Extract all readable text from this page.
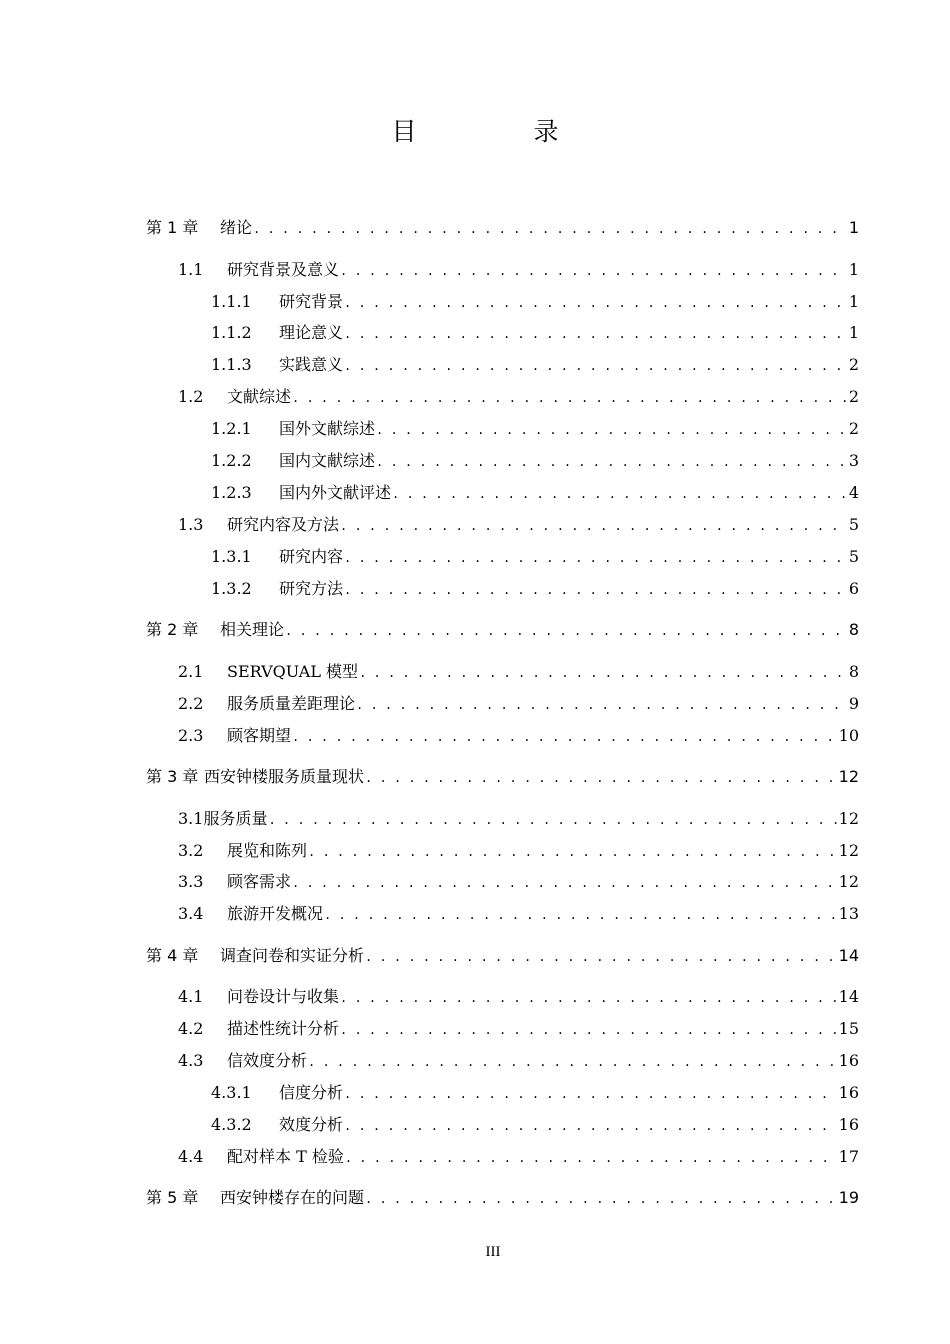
目　录
第 1 章	绪论 . . .	1
1.1	研究背景及意义 . . .	1
1.1.1	研究背景 . . .	1
1.1.2	理论意义 . . .	1
1.1.3	实践意义 . . .	2
1.2	文献综述 . . .	2
1.2.1	国外文献综述 . . .	2
1.2.2	国内文献综述 . . .	3
1.2.3	国内外文献评述 . . .	4
1.3	研究内容及方法 . . .	5
1.3.1	研究内容 . . .	5
1.3.2	研究方法 . . .	6
第 2 章	相关理论 . . .	8
2.1	SERVQUAL 模型 . . .	8
2.2	服务质量差距理论 . . .	9
2.3	顾客期望 . . .	10
第 3 章 西安钟楼服务质量现状 . . .	12
3.1 服务质量 . . .	12
3.2	展览和陈列 . . .	12
3.3	顾客需求 . . .	12
3.4	旅游开发概况 . . .	13
第 4 章	调查问卷和实证分析 . . .	14
4.1	问卷设计与收集 . . .	14
4.2	描述性统计分析 . . .	15
4.3	信效度分析 . . .	16
4.3.1	信度分析 . . .	16
4.3.2	效度分析 . . .	16
4.4	配对样本 T 检验 . . .	17
第 5 章	西安钟楼存在的问题 . . .	19
III
